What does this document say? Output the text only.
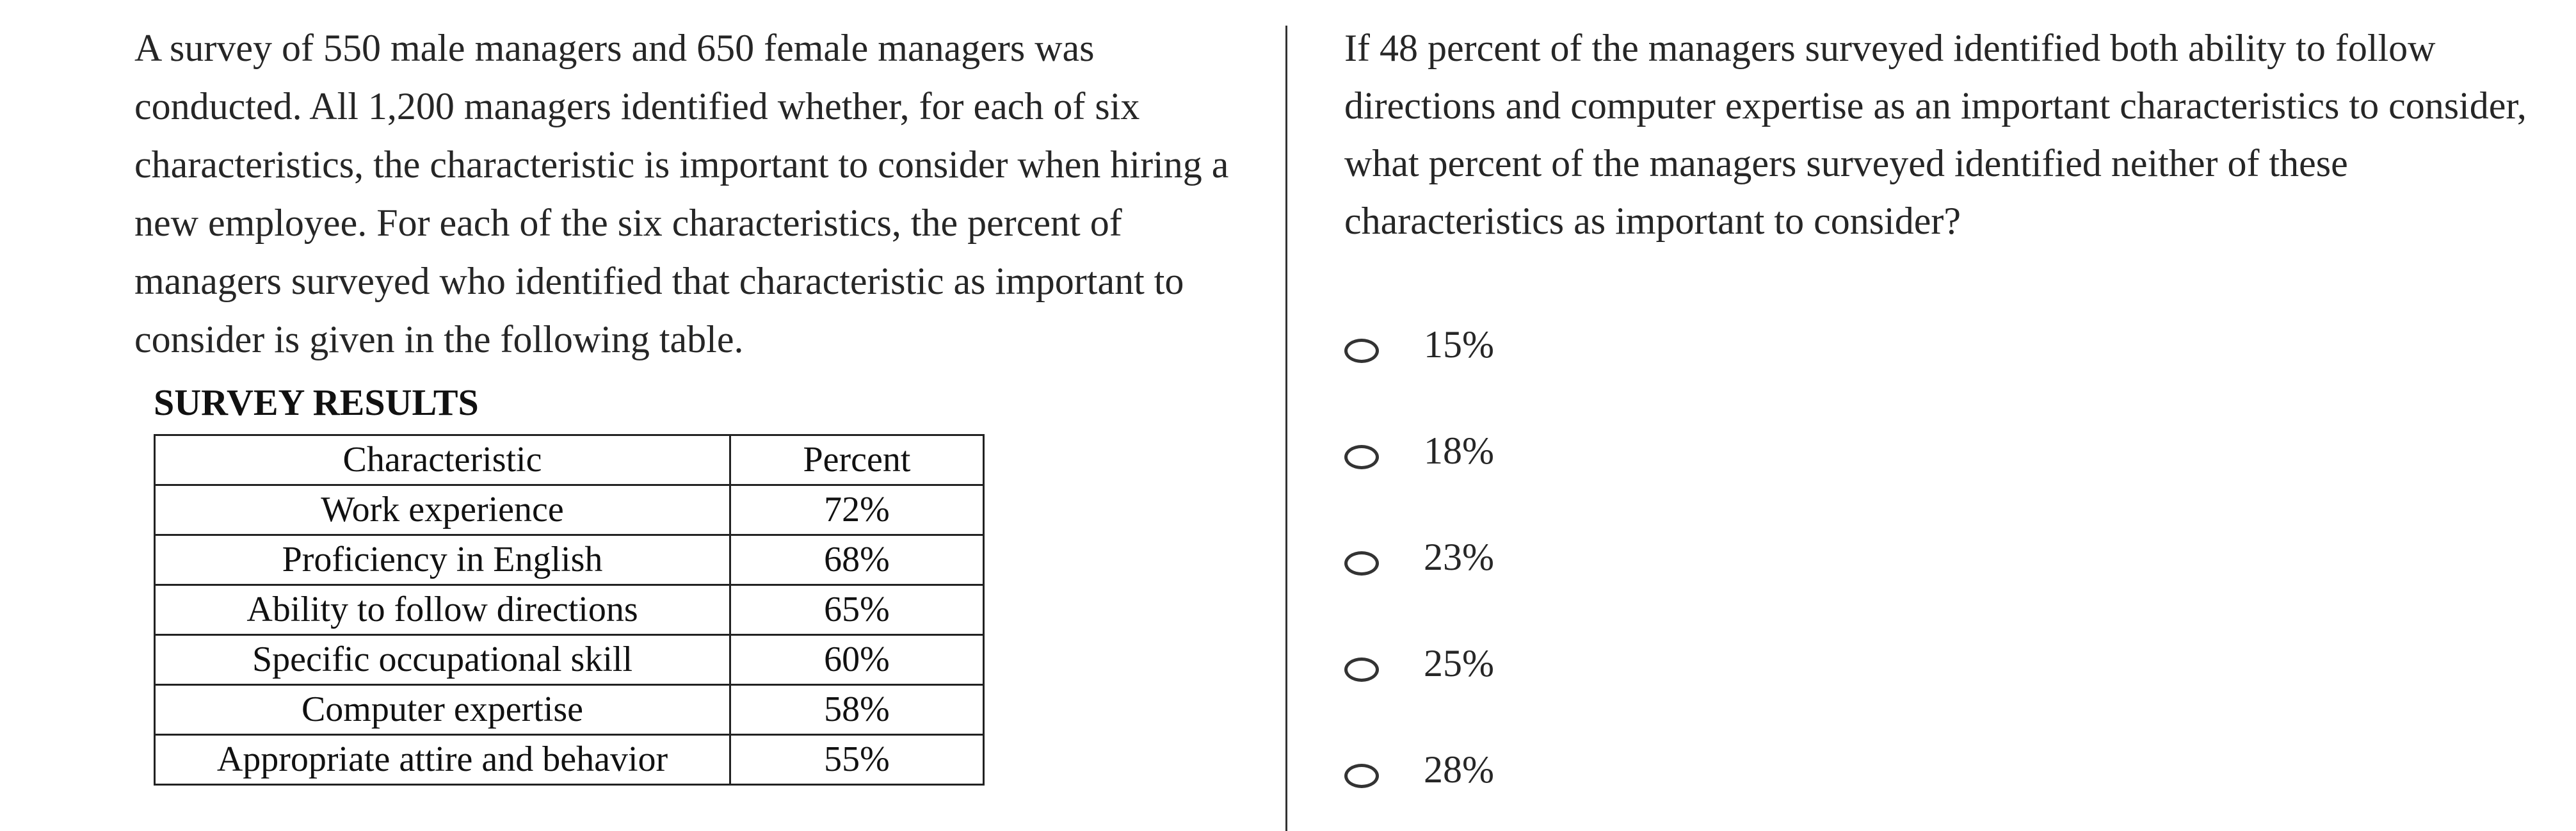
A survey of 550 male managers and 650 female managers was conducted. All 1,200 managers identified whether, for each of six characteristics, the characteristic is important to consider when hiring a new employee. For each of the six characteristics, the percent of managers surveyed who identified that characteristic as important to consider is given in the following table.

SURVEY RESULTS

Characteristic	Percent
Work experience	72%
Proficiency in English	68%
Ability to follow directions	65%
Specific occupational skill	60%
Computer expertise	58%
Appropriate attire and behavior	55%

If 48 percent of the managers surveyed identified both ability to follow directions and computer expertise as an important characteristics to consider, what percent of the managers surveyed identified neither of these characteristics as important to consider?

15%
18%
23%
25%
28%
